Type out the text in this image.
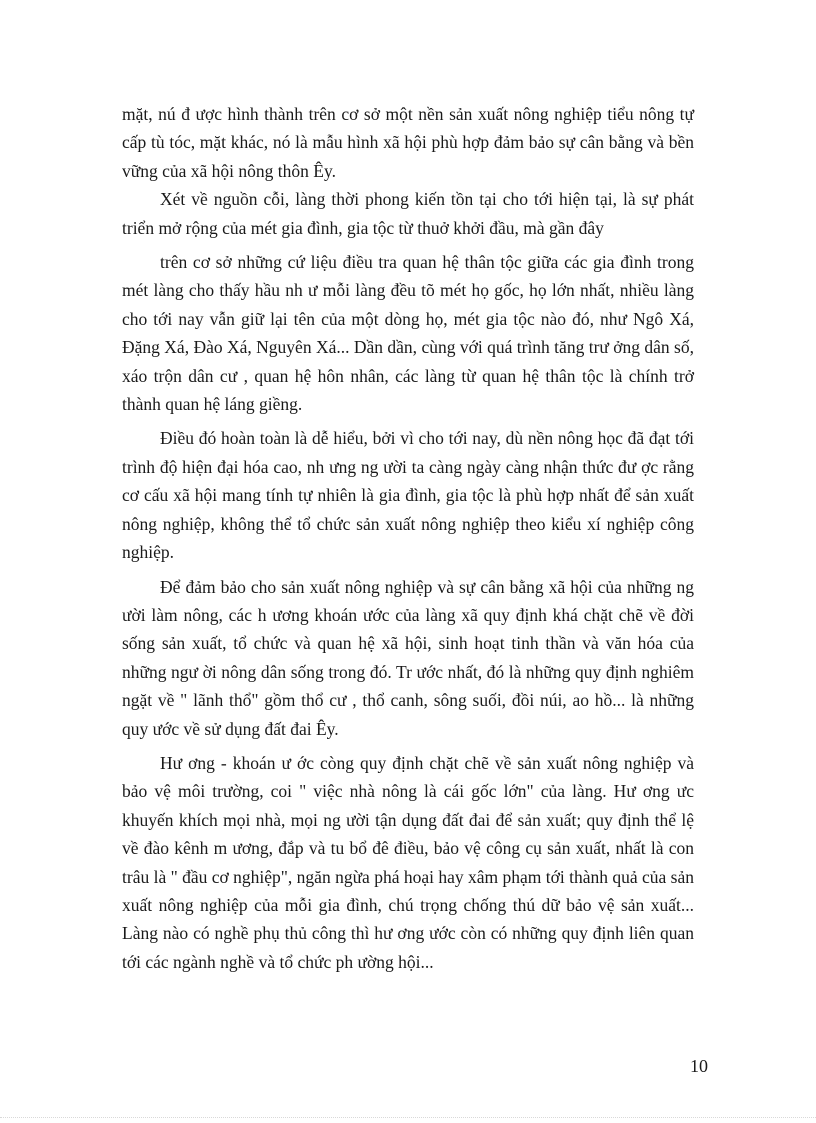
mặt, nú đ ược hình thành trên cơ sở một nền sản xuất nông nghiệp tiểu nông tự cấp tù tóc, mặt khác, nó là mẫu hình xã hội phù hợp đảm bảo sự cân bằng và bền vững của xã hội nông thôn Êy.

Xét về nguồn cỗi, làng thời phong kiến tồn tại cho tới hiện tại, là sự phát triển mở rộng của mét gia đình, gia tộc từ thuở khởi đầu, mà gần đây

trên cơ sở những cứ liệu điều tra quan hệ thân tộc giữa các gia đình trong mét làng cho thấy hầu nh ư mỗi làng đều tõ mét họ gốc, họ lớn nhất, nhiều làng cho tới nay vẫn giữ lại tên của một dòng họ, mét gia tộc nào đó, như Ngô Xá, Đặng Xá, Đào Xá, Nguyên Xá... Dần dần, cùng với quá trình tăng trư ởng dân số, xáo trộn dân cư , quan hệ hôn nhân, các làng từ quan hệ thân tộc là chính trở thành quan hệ láng giềng.

Điều đó hoàn toàn là dễ hiểu, bởi vì cho tới nay, dù nền nông học đã đạt tới trình độ hiện đại hóa cao, nh ưng ng ười ta càng ngày càng nhận thức đư ợc rằng cơ cấu xã hội mang tính tự nhiên là gia đình, gia tộc là phù hợp nhất để sản xuất nông nghiệp, không thể tổ chức sản xuất nông nghiệp theo kiểu xí nghiệp công nghiệp.

Để đảm bảo cho sản xuất nông nghiệp và sự cân bằng xã hội của những ng ười làm nông, các h ương khoán ước của làng xã quy định khá chặt chẽ về đời sống sản xuất, tổ chức và quan hệ xã hội, sinh hoạt tinh thần và văn hóa của những ngư ời nông dân sống trong đó. Tr ước nhất, đó là những quy định nghiêm ngặt về " lãnh thổ" gồm thổ cư , thổ canh, sông suối, đồi núi, ao hồ... là những quy ước về sử dụng đất đai Êy.

Hư ơng - khoán ư ớc còng quy định chặt chẽ về sản xuất nông nghiệp và bảo vệ môi trường, coi " việc nhà nông là cái gốc lớn" của làng. Hư ơng ưc khuyến khích mọi nhà, mọi ng ười tận dụng đất đai để sản xuất; quy định thể lệ về đào kênh m ương, đắp và tu bổ đê điều, bảo vệ công cụ sản xuất, nhất là con trâu là " đầu cơ nghiệp", ngăn ngừa phá hoại hay xâm phạm tới thành quả của sản xuất nông nghiệp của mỗi gia đình, chú trọng chống thú dữ bảo vệ sản xuất... Làng nào có nghề phụ thủ công thì hư ơng ước còn có những quy định liên quan tới các ngành nghề và tổ chức ph ường hội...

10
